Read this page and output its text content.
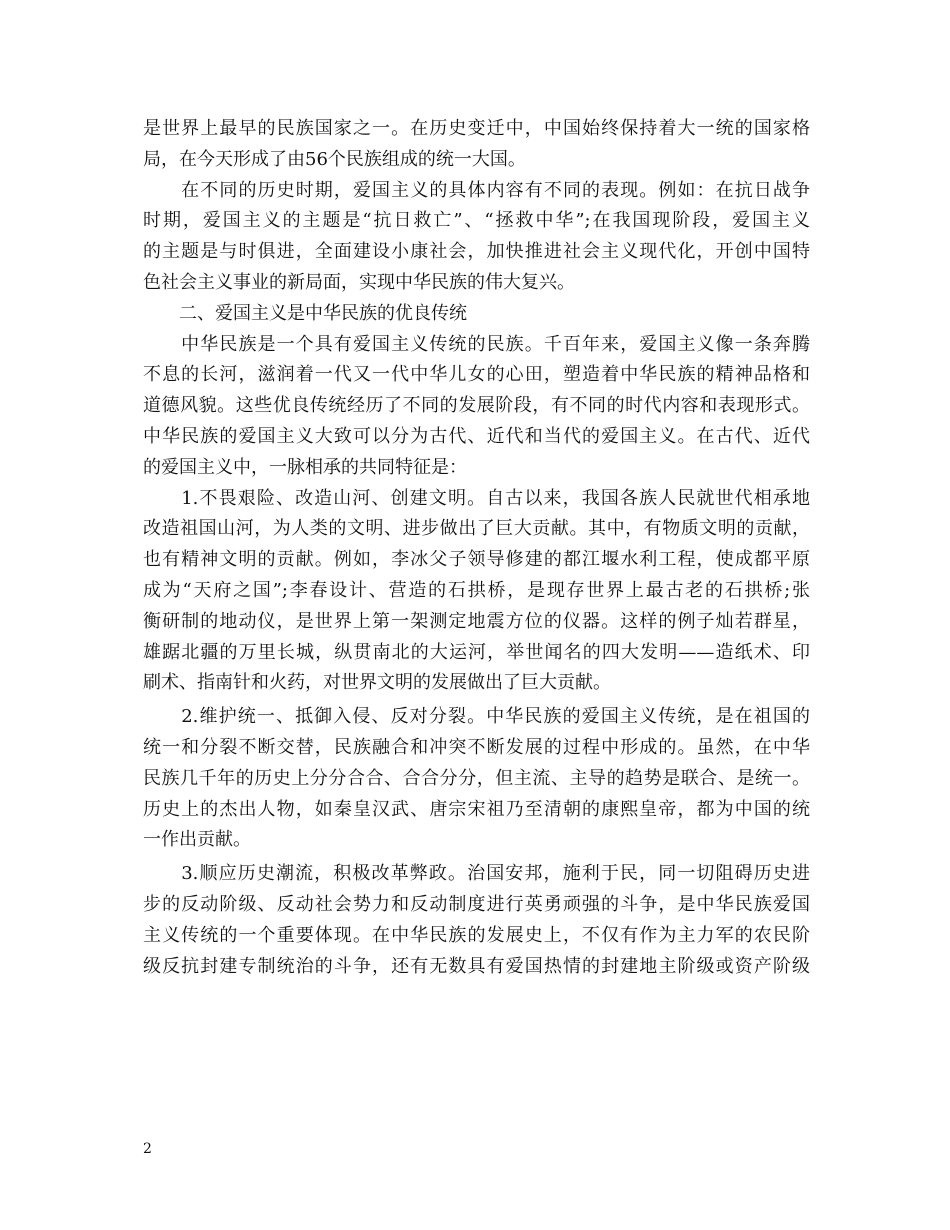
是世界上最早的民族国家之一。在历史变迁中，中国始终保持着大一统的国家格
局，在今天形成了由56个民族组成的统一大国。
　　在不同的历史时期，爱国主义的具体内容有不同的表现。例如：在抗日战争
时期，爱国主义的主题是“抗日救亡”、“拯救中华”;在我国现阶段，爱国主义
的主题是与时俱进，全面建设小康社会，加快推进社会主义现代化，开创中国特
色社会主义事业的新局面，实现中华民族的伟大复兴。
　　二、爱国主义是中华民族的优良传统
　　中华民族是一个具有爱国主义传统的民族。千百年来，爱国主义像一条奔腾
不息的长河，滋润着一代又一代中华儿女的心田，塑造着中华民族的精神品格和
道德风貌。这些优良传统经历了不同的发展阶段，有不同的时代内容和表现形式。
中华民族的爱国主义大致可以分为古代、近代和当代的爱国主义。在古代、近代
的爱国主义中，一脉相承的共同特征是：
　　1.不畏艰险、改造山河、创建文明。自古以来，我国各族人民就世代相承地
改造祖国山河，为人类的文明、进步做出了巨大贡献。其中，有物质文明的贡献，
也有精神文明的贡献。例如，李冰父子领导修建的都江堰水利工程，使成都平原
成为“天府之国”;李春设计、营造的石拱桥，是现存世界上最古老的石拱桥;张
衡研制的地动仪，是世界上第一架测定地震方位的仪器。这样的例子灿若群星，
雄踞北疆的万里长城，纵贯南北的大运河，举世闻名的四大发明——造纸术、印
刷术、指南针和火药，对世界文明的发展做出了巨大贡献。
　　2.维护统一、抵御入侵、反对分裂。中华民族的爱国主义传统，是在祖国的
统一和分裂不断交替，民族融合和冲突不断发展的过程中形成的。虽然，在中华
民族几千年的历史上分分合合、合合分分，但主流、主导的趋势是联合、是统一。
历史上的杰出人物，如秦皇汉武、唐宗宋祖乃至清朝的康熙皇帝，都为中国的统
一作出贡献。
　　3.顺应历史潮流，积极改革弊政。治国安邦，施利于民，同一切阻碍历史进
步的反动阶级、反动社会势力和反动制度进行英勇顽强的斗争，是中华民族爱国
主义传统的一个重要体现。在中华民族的发展史上，不仅有作为主力军的农民阶
级反抗封建专制统治的斗争，还有无数具有爱国热情的封建地主阶级或资产阶级
2
